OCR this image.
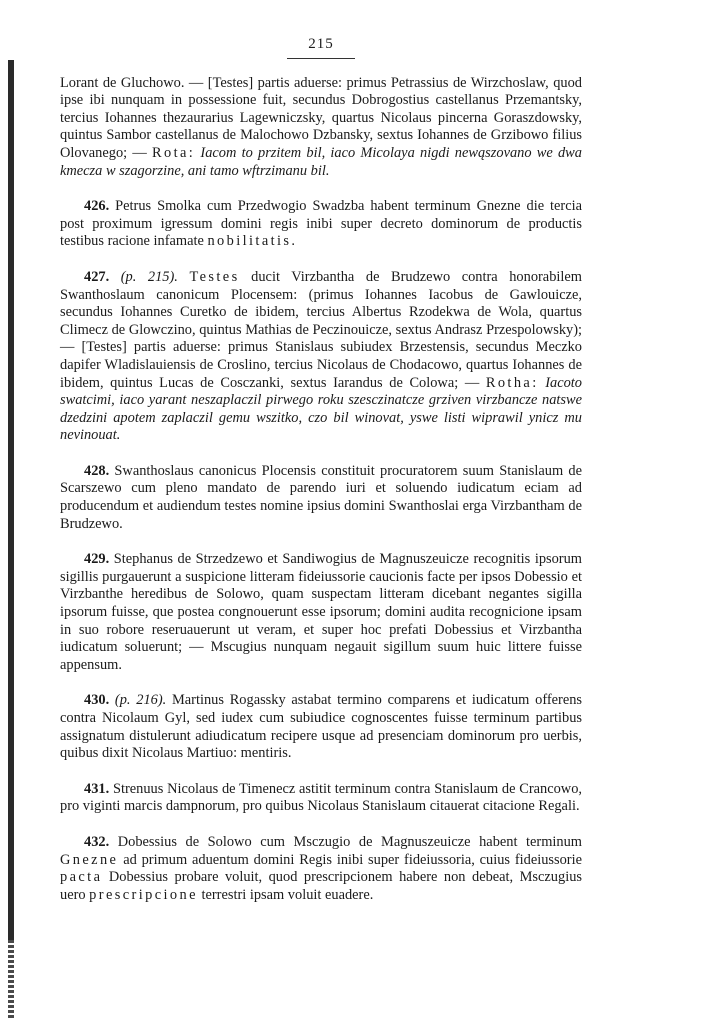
215

Lorant de Gluchowo. — [Testes] partis aduerse: primus Petrassius de Wirzchoslaw, quod ipse ibi nunquam in possessione fuit, secundus Dobrogostius castellanus Przemantsky, tercius Iohannes thezaurarius Lagewniczsky, quartus Nicolaus pincerna Goraszdowsky, quintus Sambor castellanus de Malochowo Dzbansky, sextus Iohannes de Grzibowo filius Olovanego; — Rota: Iacom to przitem bil, iaco Micolaya nigdi newąszovano we dwa kmecza w szagorzine, ani tamo wftrzimanu bil.

426. Petrus Smolka cum Przedwogio Swadzba habent terminum Gnezne die tercia post proximum igressum domini regis inibi super decreto dominorum de productis testibus racione infamate nobilitatis.

427. (p. 215). Testes ducit Virzbantha de Brudzewo contra honorabilem Swanthoslaum canonicum Plocensem: (primus Iohannes Iacobus de Gawlouicze, secundus Iohannes Curetko de ibidem, tercius Albertus Rzodekwa de Wola, quartus Climecz de Glowczino, quintus Mathias de Peczinouicze, sextus Andrasz Przespolowsky); — [Testes] partis aduerse: primus Stanislaus subiudex Brzestensis, secundus Meczko dapifer Wladislauiensis de Croslino, tercius Nicolaus de Chodacowo, quartus Iohannes de ibidem, quintus Lucas de Cosczanki, sextus Iarandus de Colowa; — Rotha: Iacoto swatcimi, iaco yarant neszaplaczil pirwego roku szesczinatcze grziven virzbancze natswe dzedzini apotem zaplaczil gemu wszitko, czo bil winovat, yswe listi wiprawil ynicz mu nevinouat.

428. Swanthoslaus canonicus Plocensis constituit procuratorem suum Stanislaum de Scarszewo cum pleno mandato de parendo iuri et soluendo iudicatum eciam ad producendum et audiendum testes nomine ipsius domini Swanthoslai erga Virzbantham de Brudzewo.

429. Stephanus de Strzedzewo et Sandiwogius de Magnuszeuicze recognitis ipsorum sigillis purgauerunt a suspicione litteram fideiussorie caucionis facte per ipsos Dobessio et Virzbanthe heredibus de Solowo, quam suspectam litteram dicebant negantes sigilla ipsorum fuisse, que postea congnouerunt esse ipsorum; domini audita recognicione ipsam in suo robore reseruauerunt ut veram, et super hoc prefati Dobessius et Virzbantha iudicatum soluerunt; — Mscugius nunquam negauit sigillum suum huic littere fuisse appensum.

430. (p. 216). Martinus Rogassky astabat termino comparens et iudicatum offerens contra Nicolaum Gyl, sed iudex cum subiudice cognoscentes fuisse terminum partibus assignatum distulerunt adiudicatum recipere usque ad presenciam dominorum pro uerbis, quibus dixit Nicolaus Martiuo: mentiris.

431. Strenuus Nicolaus de Timenecz astitit terminum contra Stanislaum de Crancowo, pro viginti marcis dampnorum, pro quibus Nicolaus Stanislaum citauerat citacione Regali.

432. Dobessius de Solowo cum Msczugio de Magnuszeuicze habent terminum Gnezne ad primum aduentum domini Regis inibi super fideiussoria, cuius fideiussorie pacta Dobessius probare voluit, quod prescripcionem habere non debeat, Msczugius uero prescripcione terrestri ipsam voluit euadere.
